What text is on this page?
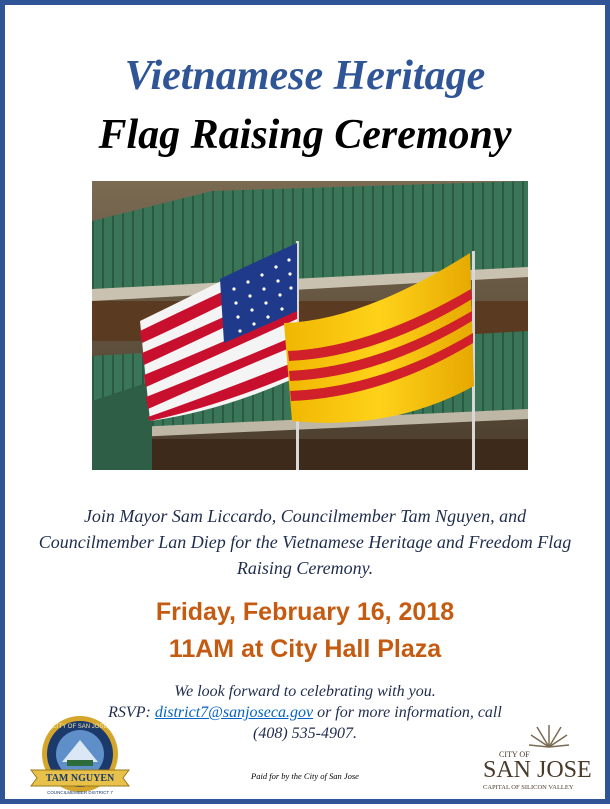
Vietnamese Heritage
Flag Raising Ceremony
Join Mayor Sam Liccardo, Councilmember Tam Nguyen, and Councilmember Lan Diep for the Vietnamese Heritage and Freedom Flag Raising Ceremony.
Friday, February 16, 2018
11AM at City Hall Plaza
We look forward to celebrating with you.
RSVP: district7@sanjoseca.gov or for more information, call
(408) 535-4907.
CITY OF SAN JOSE
TAM NGUYEN
COUNCILMEMBER DISTRICT 7
Paid for by the City of San Jose
CITY OF
SAN JOSE
CAPITAL OF SILICON VALLEY
